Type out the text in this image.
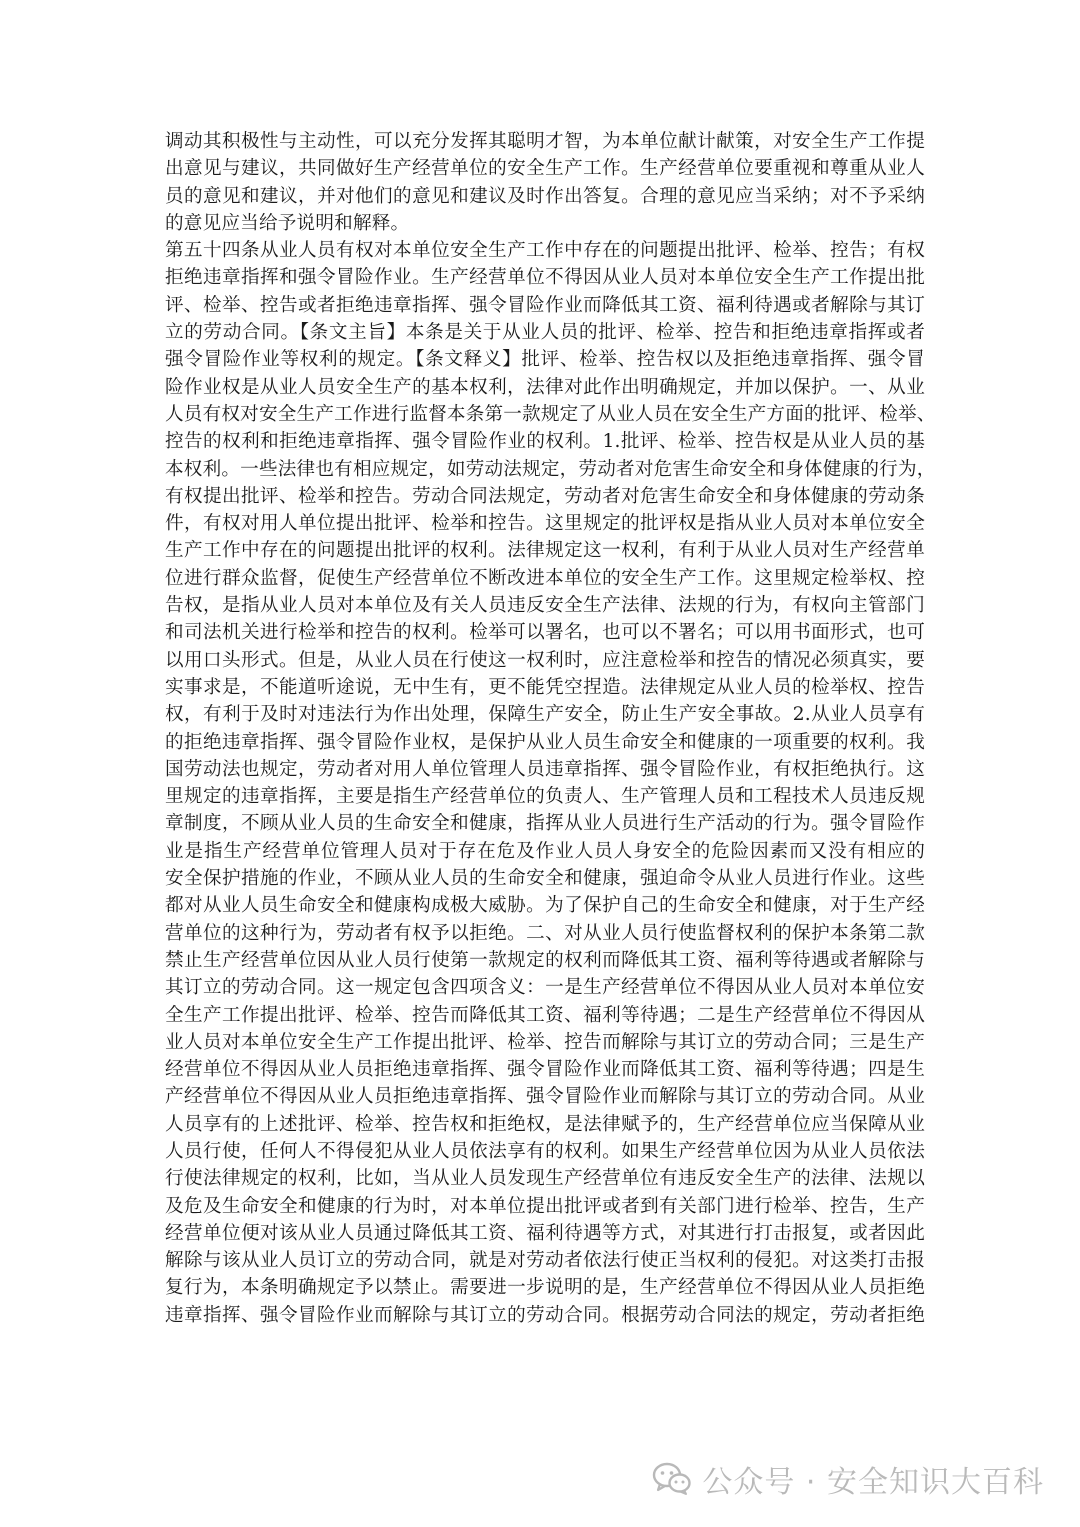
调动其积极性与主动性，可以充分发挥其聪明才智，为本单位献计献策，对安全生产工作提
出意见与建议，共同做好生产经营单位的安全生产工作。生产经营单位要重视和尊重从业人
员的意见和建议，并对他们的意见和建议及时作出答复。合理的意见应当采纳；对不予采纳
的意见应当给予说明和解释。
第五十四条从业人员有权对本单位安全生产工作中存在的问题提出批评、检举、控告；有权
拒绝违章指挥和强令冒险作业。生产经营单位不得因从业人员对本单位安全生产工作提出批
评、检举、控告或者拒绝违章指挥、强令冒险作业而降低其工资、福利待遇或者解除与其订
立的劳动合同。【条文主旨】本条是关于从业人员的批评、检举、控告和拒绝违章指挥或者
强令冒险作业等权利的规定。【条文释义】批评、检举、控告权以及拒绝违章指挥、强令冒
险作业权是从业人员安全生产的基本权利，法律对此作出明确规定，并加以保护。一、从业
人员有权对安全生产工作进行监督本条第一款规定了从业人员在安全生产方面的批评、检举、
控告的权利和拒绝违章指挥、强令冒险作业的权利。1.批评、检举、控告权是从业人员的基
本权利。一些法律也有相应规定，如劳动法规定，劳动者对危害生命安全和身体健康的行为，
有权提出批评、检举和控告。劳动合同法规定，劳动者对危害生命安全和身体健康的劳动条
件，有权对用人单位提出批评、检举和控告。这里规定的批评权是指从业人员对本单位安全
生产工作中存在的问题提出批评的权利。法律规定这一权利，有利于从业人员对生产经营单
位进行群众监督，促使生产经营单位不断改进本单位的安全生产工作。这里规定检举权、控
告权，是指从业人员对本单位及有关人员违反安全生产法律、法规的行为，有权向主管部门
和司法机关进行检举和控告的权利。检举可以署名，也可以不署名；可以用书面形式，也可
以用口头形式。但是，从业人员在行使这一权利时，应注意检举和控告的情况必须真实，要
实事求是，不能道听途说，无中生有，更不能凭空捏造。法律规定从业人员的检举权、控告
权，有利于及时对违法行为作出处理，保障生产安全，防止生产安全事故。2.从业人员享有
的拒绝违章指挥、强令冒险作业权，是保护从业人员生命安全和健康的一项重要的权利。我
国劳动法也规定，劳动者对用人单位管理人员违章指挥、强令冒险作业，有权拒绝执行。这
里规定的违章指挥，主要是指生产经营单位的负责人、生产管理人员和工程技术人员违反规
章制度，不顾从业人员的生命安全和健康，指挥从业人员进行生产活动的行为。强令冒险作
业是指生产经营单位管理人员对于存在危及作业人员人身安全的危险因素而又没有相应的
安全保护措施的作业，不顾从业人员的生命安全和健康，强迫命令从业人员进行作业。这些
都对从业人员生命安全和健康构成极大威胁。为了保护自己的生命安全和健康，对于生产经
营单位的这种行为，劳动者有权予以拒绝。二、对从业人员行使监督权利的保护本条第二款
禁止生产经营单位因从业人员行使第一款规定的权利而降低其工资、福利等待遇或者解除与
其订立的劳动合同。这一规定包含四项含义：一是生产经营单位不得因从业人员对本单位安
全生产工作提出批评、检举、控告而降低其工资、福利等待遇；二是生产经营单位不得因从
业人员对本单位安全生产工作提出批评、检举、控告而解除与其订立的劳动合同；三是生产
经营单位不得因从业人员拒绝违章指挥、强令冒险作业而降低其工资、福利等待遇；四是生
产经营单位不得因从业人员拒绝违章指挥、强令冒险作业而解除与其订立的劳动合同。从业
人员享有的上述批评、检举、控告权和拒绝权，是法律赋予的，生产经营单位应当保障从业
人员行使，任何人不得侵犯从业人员依法享有的权利。如果生产经营单位因为从业人员依法
行使法律规定的权利，比如，当从业人员发现生产经营单位有违反安全生产的法律、法规以
及危及生命安全和健康的行为时，对本单位提出批评或者到有关部门进行检举、控告，生产
经营单位便对该从业人员通过降低其工资、福利待遇等方式，对其进行打击报复，或者因此
解除与该从业人员订立的劳动合同，就是对劳动者依法行使正当权利的侵犯。对这类打击报
复行为，本条明确规定予以禁止。需要进一步说明的是，生产经营单位不得因从业人员拒绝
违章指挥、强令冒险作业而解除与其订立的劳动合同。根据劳动合同法的规定，劳动者拒绝
公众号 · 安全知识大百科
